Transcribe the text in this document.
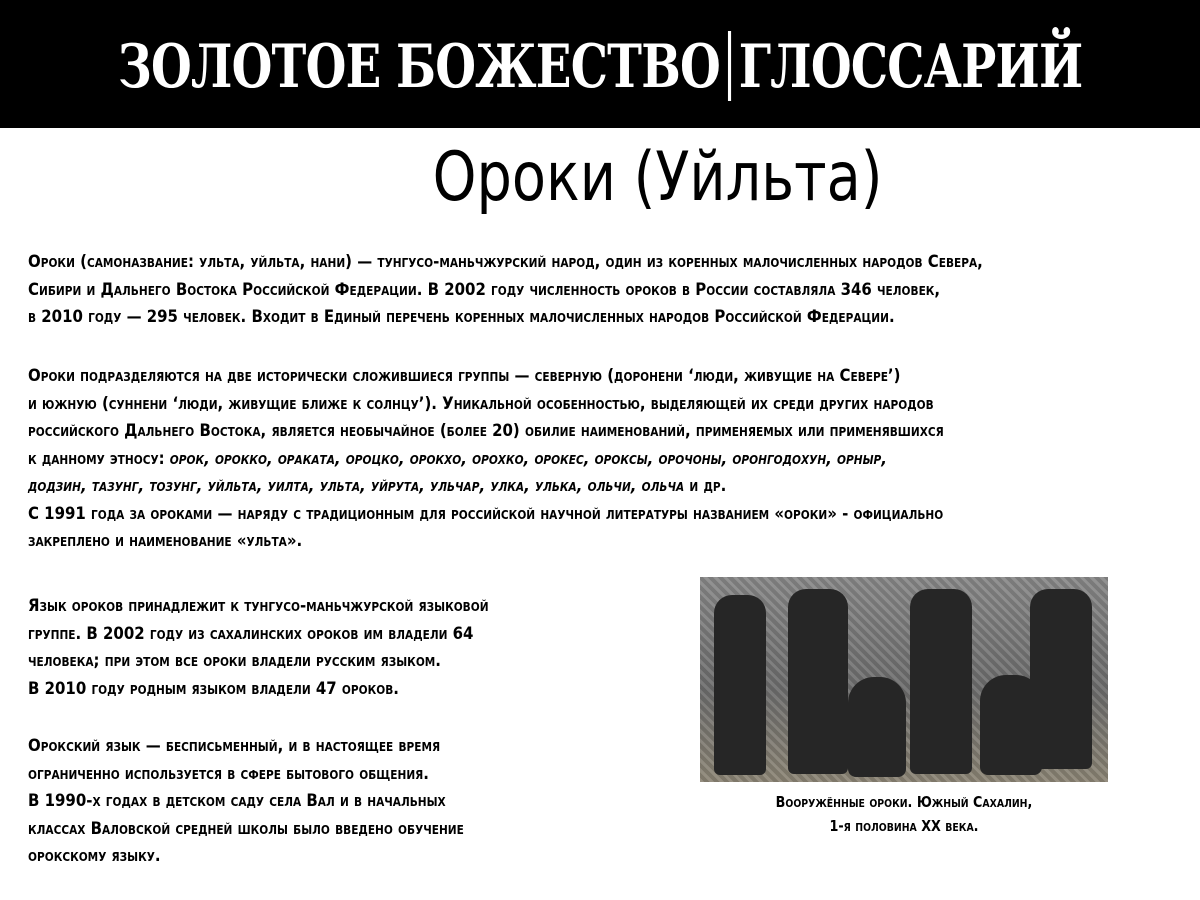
ЗОЛОТОЕ БОЖЕСТВО ГЛОССАРИЙ
Ороки (Уйльта)
Ороки (самоназвание: ульта, уйльта, нани) — тунгусо-маньчжурский народ, один из коренных малочисленных народов Севера,
Сибири и Дальнего Востока Российской Федерации. В 2002 году численность ороков в России составляла 346 человек,
в 2010 году — 295 человек. Входит в Единый перечень коренных малочисленных народов Российской Федерации.
Ороки подразделяются на две исторически сложившиеся группы — северную (доронени ‘люди, живущие на Севере’)
и южную (суннени ‘люди, живущие ближе к солнцу’). Уникальной особенностью, выделяющей их среди других народов
российского Дальнего Востока, является необычайное (более 20) обилие наименований, применяемых или применявшихся
к данному этносу: орок, орокко, ораката, ороцко, орокхо, орохко, орокес, ороксы, орочоны, оронгодохун, орныр,
додзин, тазунг, тозунг, уйльта, уилта, ульта, уйрута, ульчар, улка, улька, ольчи, ольча и др.
С 1991 года за ороками — наряду с традиционным для российской научной литературы названием «ороки» - официально
закреплено и наименование «ульта».
Язык ороков принадлежит к тунгусо-маньчжурской языковой
группе. В 2002 году из сахалинских ороков им владели 64
человека; при этом все ороки владели русским языком.
В 2010 году родным языком владели 47 ороков.
Орокский язык — бесписьменный, и в настоящее время
ограниченно используется в сфере бытового общения.
В 1990-х годах в детском саду села Вал и в начальных
классах Валовской средней школы было введено обучение
орокскому языку.
Вооружённые ороки. Южный Сахалин,
1-я половина XX века.
